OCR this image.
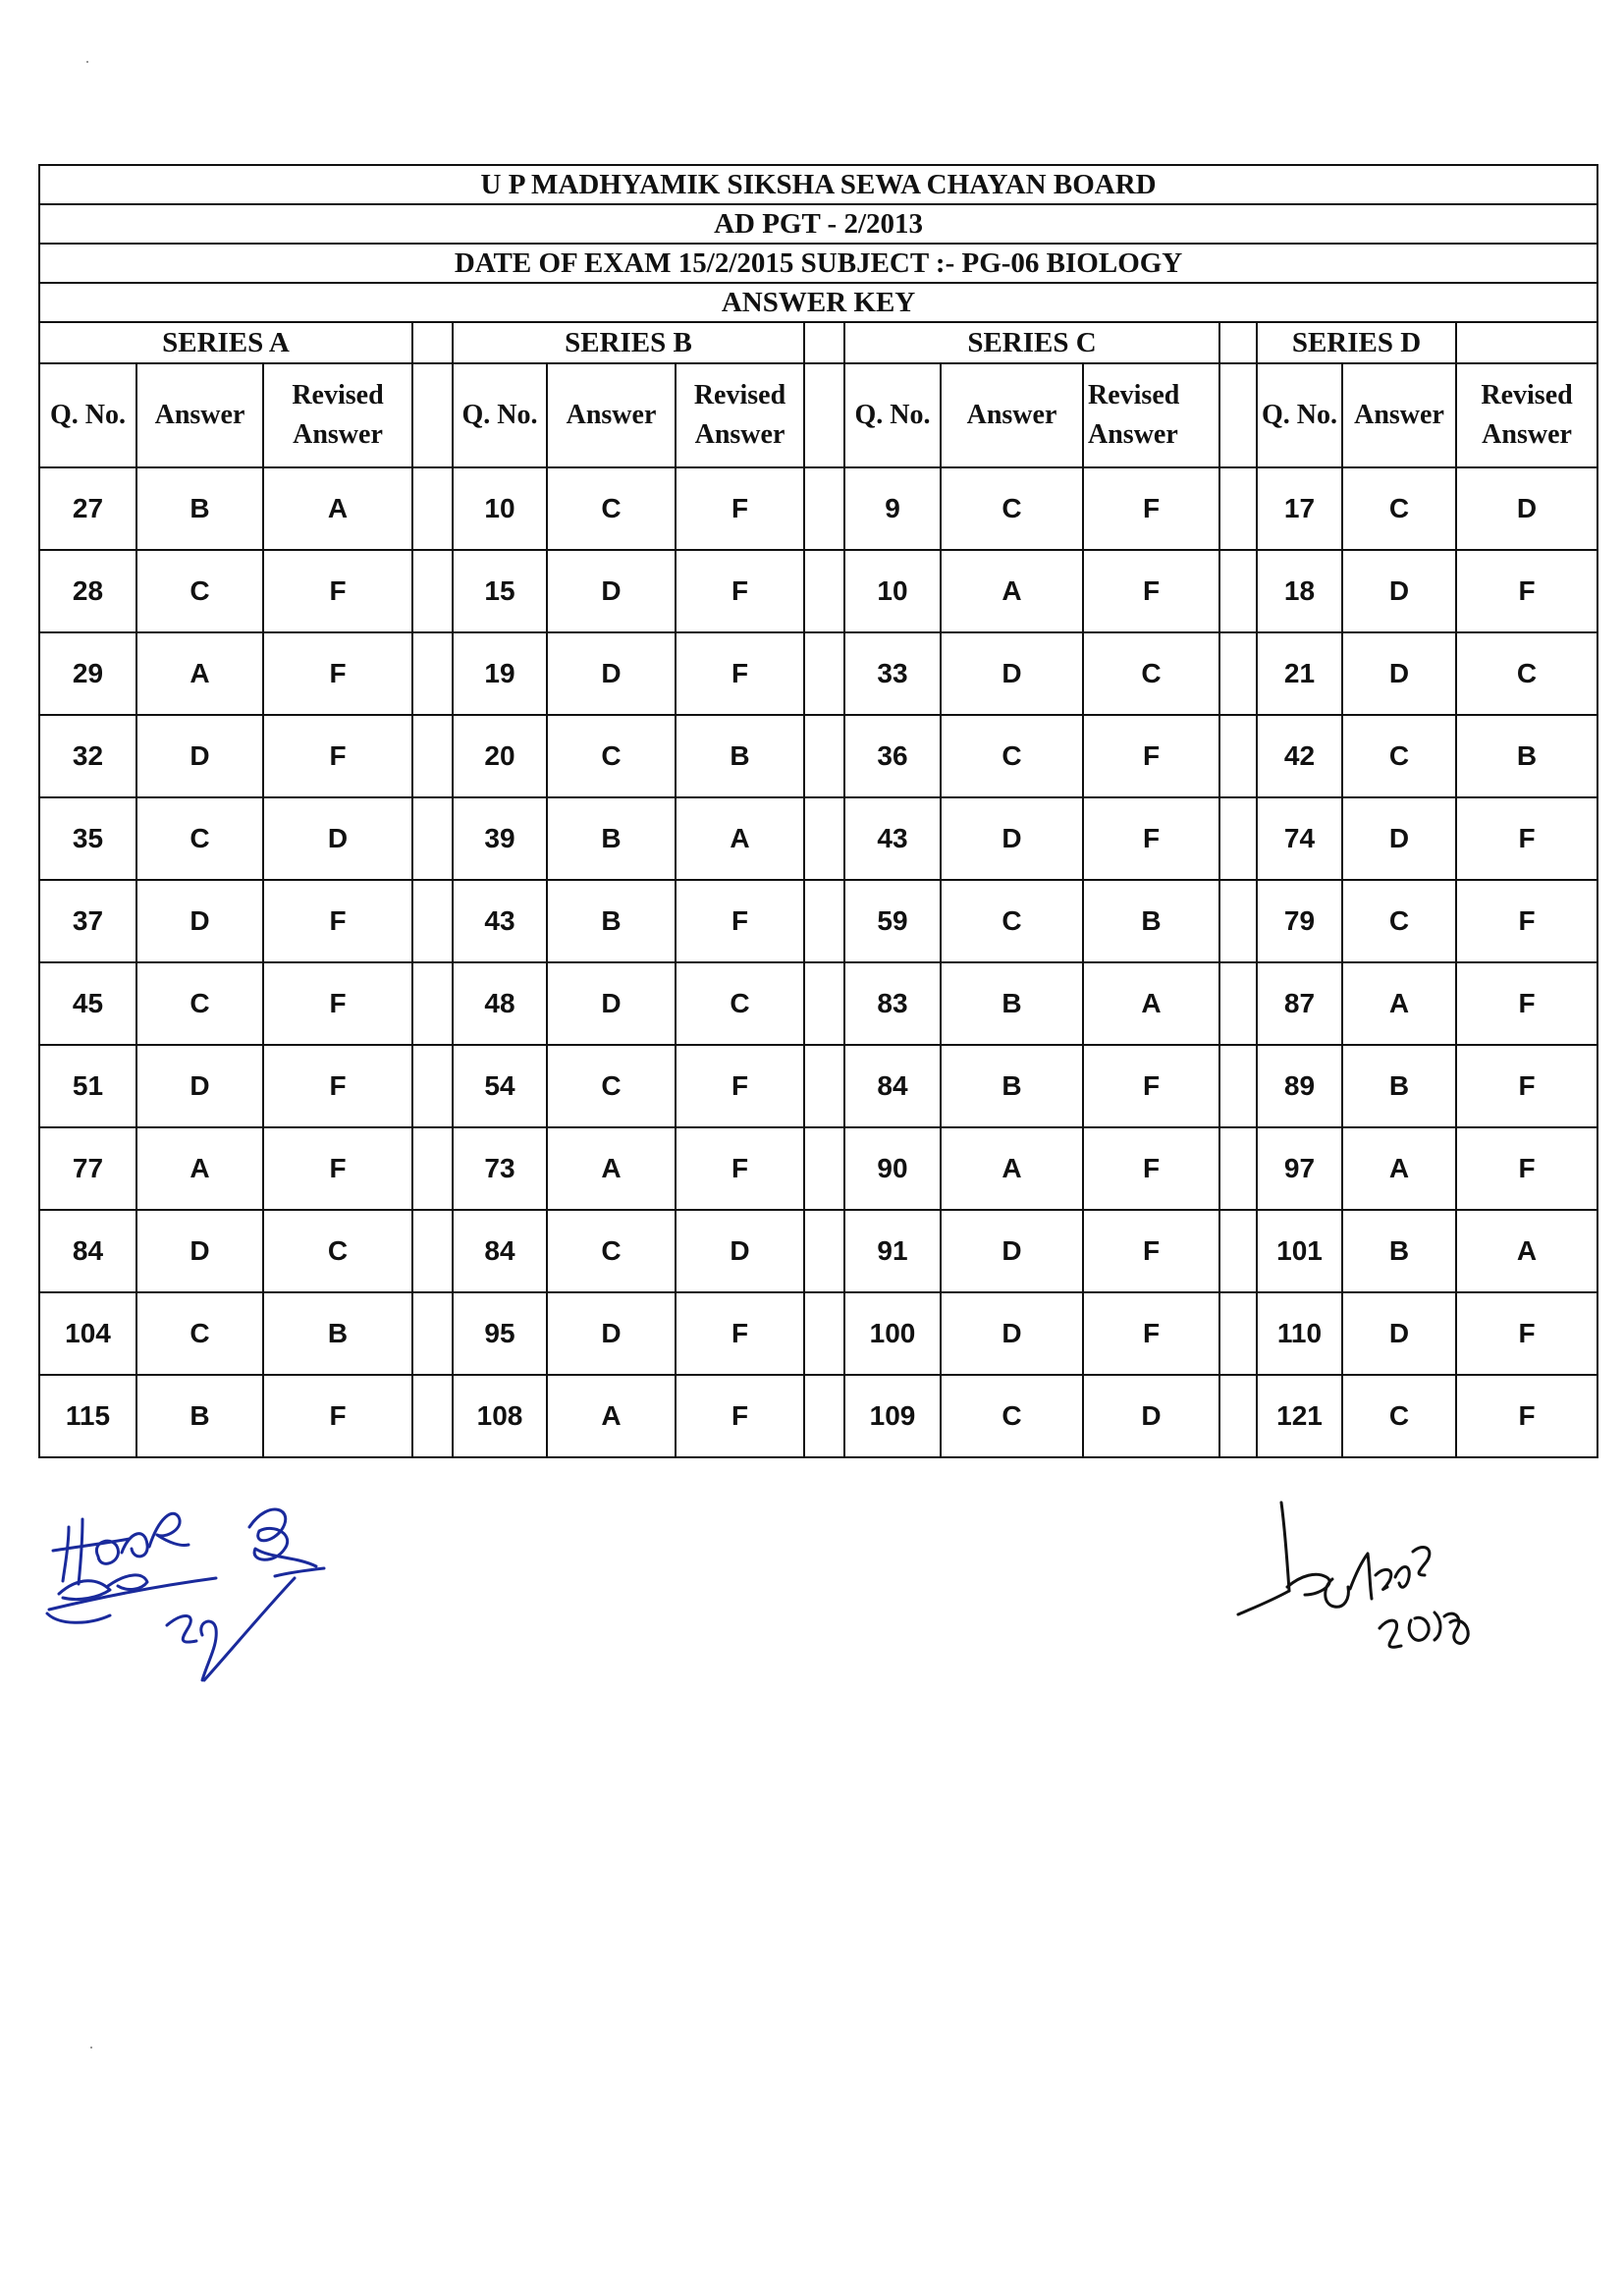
U P MADHYAMIK SIKSHA SEWA CHAYAN BOARD														
AD PGT - 2/2013														
DATE OF EXAM 15/2/2015 SUBJECT :- PG-06 BIOLOGY														
ANSWER KEY														
SERIES A				SERIES B				SERIES C				SERIES D		
Q. No.	Answer	Revised Answer		Q. No.	Answer	Revised Answer		Q. No.	Answer	Revised Answer		Q. No.	Answer	Revised Answer
27	B	A		10	C	F		9	C	F		17	C	D
28	C	F		15	D	F		10	A	F		18	D	F
29	A	F		19	D	F		33	D	C		21	D	C
32	D	F		20	C	B		36	C	F		42	C	B
35	C	D		39	B	A		43	D	F		74	D	F
37	D	F		43	B	F		59	C	B		79	C	F
45	C	F		48	D	C		83	B	A		87	A	F
51	D	F		54	C	F		84	B	F		89	B	F
77	A	F		73	A	F		90	A	F		97	A	F
84	D	C		84	C	D		91	D	F		101	B	A
104	C	B		95	D	F		100	D	F		110	D	F
115	B	F		108	A	F		109	C	D		121	C	F
